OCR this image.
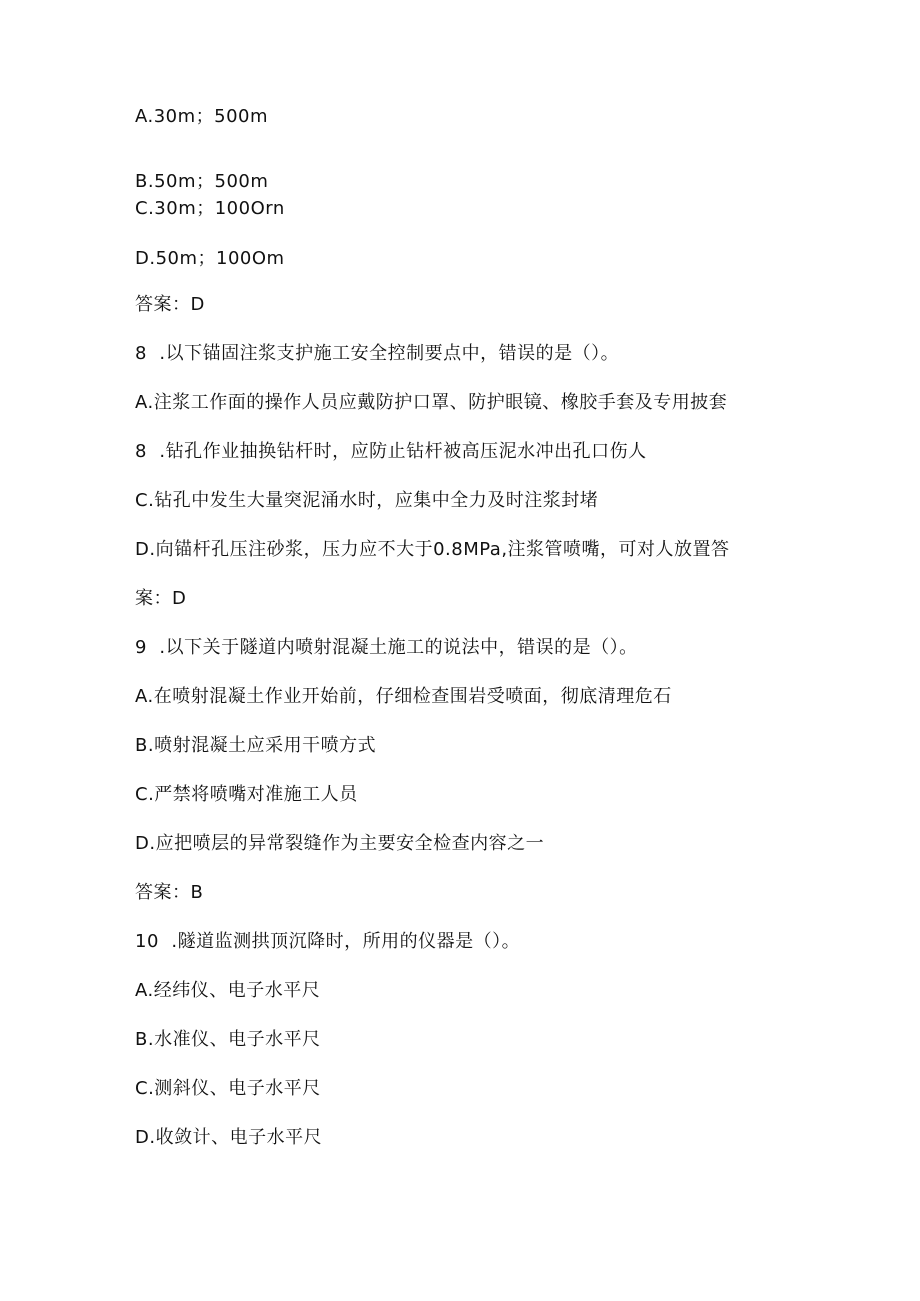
A.30m；500m
B.50m；500m
C.30m；100Orn
D.50m；100Om
答案：D
8  .以下锚固注浆支护施工安全控制要点中，错误的是（）。
A.注浆工作面的操作人员应戴防护口罩、防护眼镜、橡胶手套及专用披套
8  .钻孔作业抽换钻杆时，应防止钻杆被高压泥水冲出孔口伤人
C.钻孔中发生大量突泥涌水时，应集中全力及时注浆封堵
D.向锚杆孔压注砂浆，压力应不大于0.8MPa,注浆管喷嘴，可对人放置答
案：D
9  .以下关于隧道内喷射混凝土施工的说法中，错误的是（）。
A.在喷射混凝土作业开始前，仔细检查围岩受喷面，彻底清理危石
B.喷射混凝土应采用干喷方式
C.严禁将喷嘴对准施工人员
D.应把喷层的异常裂缝作为主要安全检查内容之一
答案：B
10  .隧道监测拱顶沉降时，所用的仪器是（）。
A.经纬仪、电子水平尺
B.水准仪、电子水平尺
C.测斜仪、电子水平尺
D.收敛计、电子水平尺
